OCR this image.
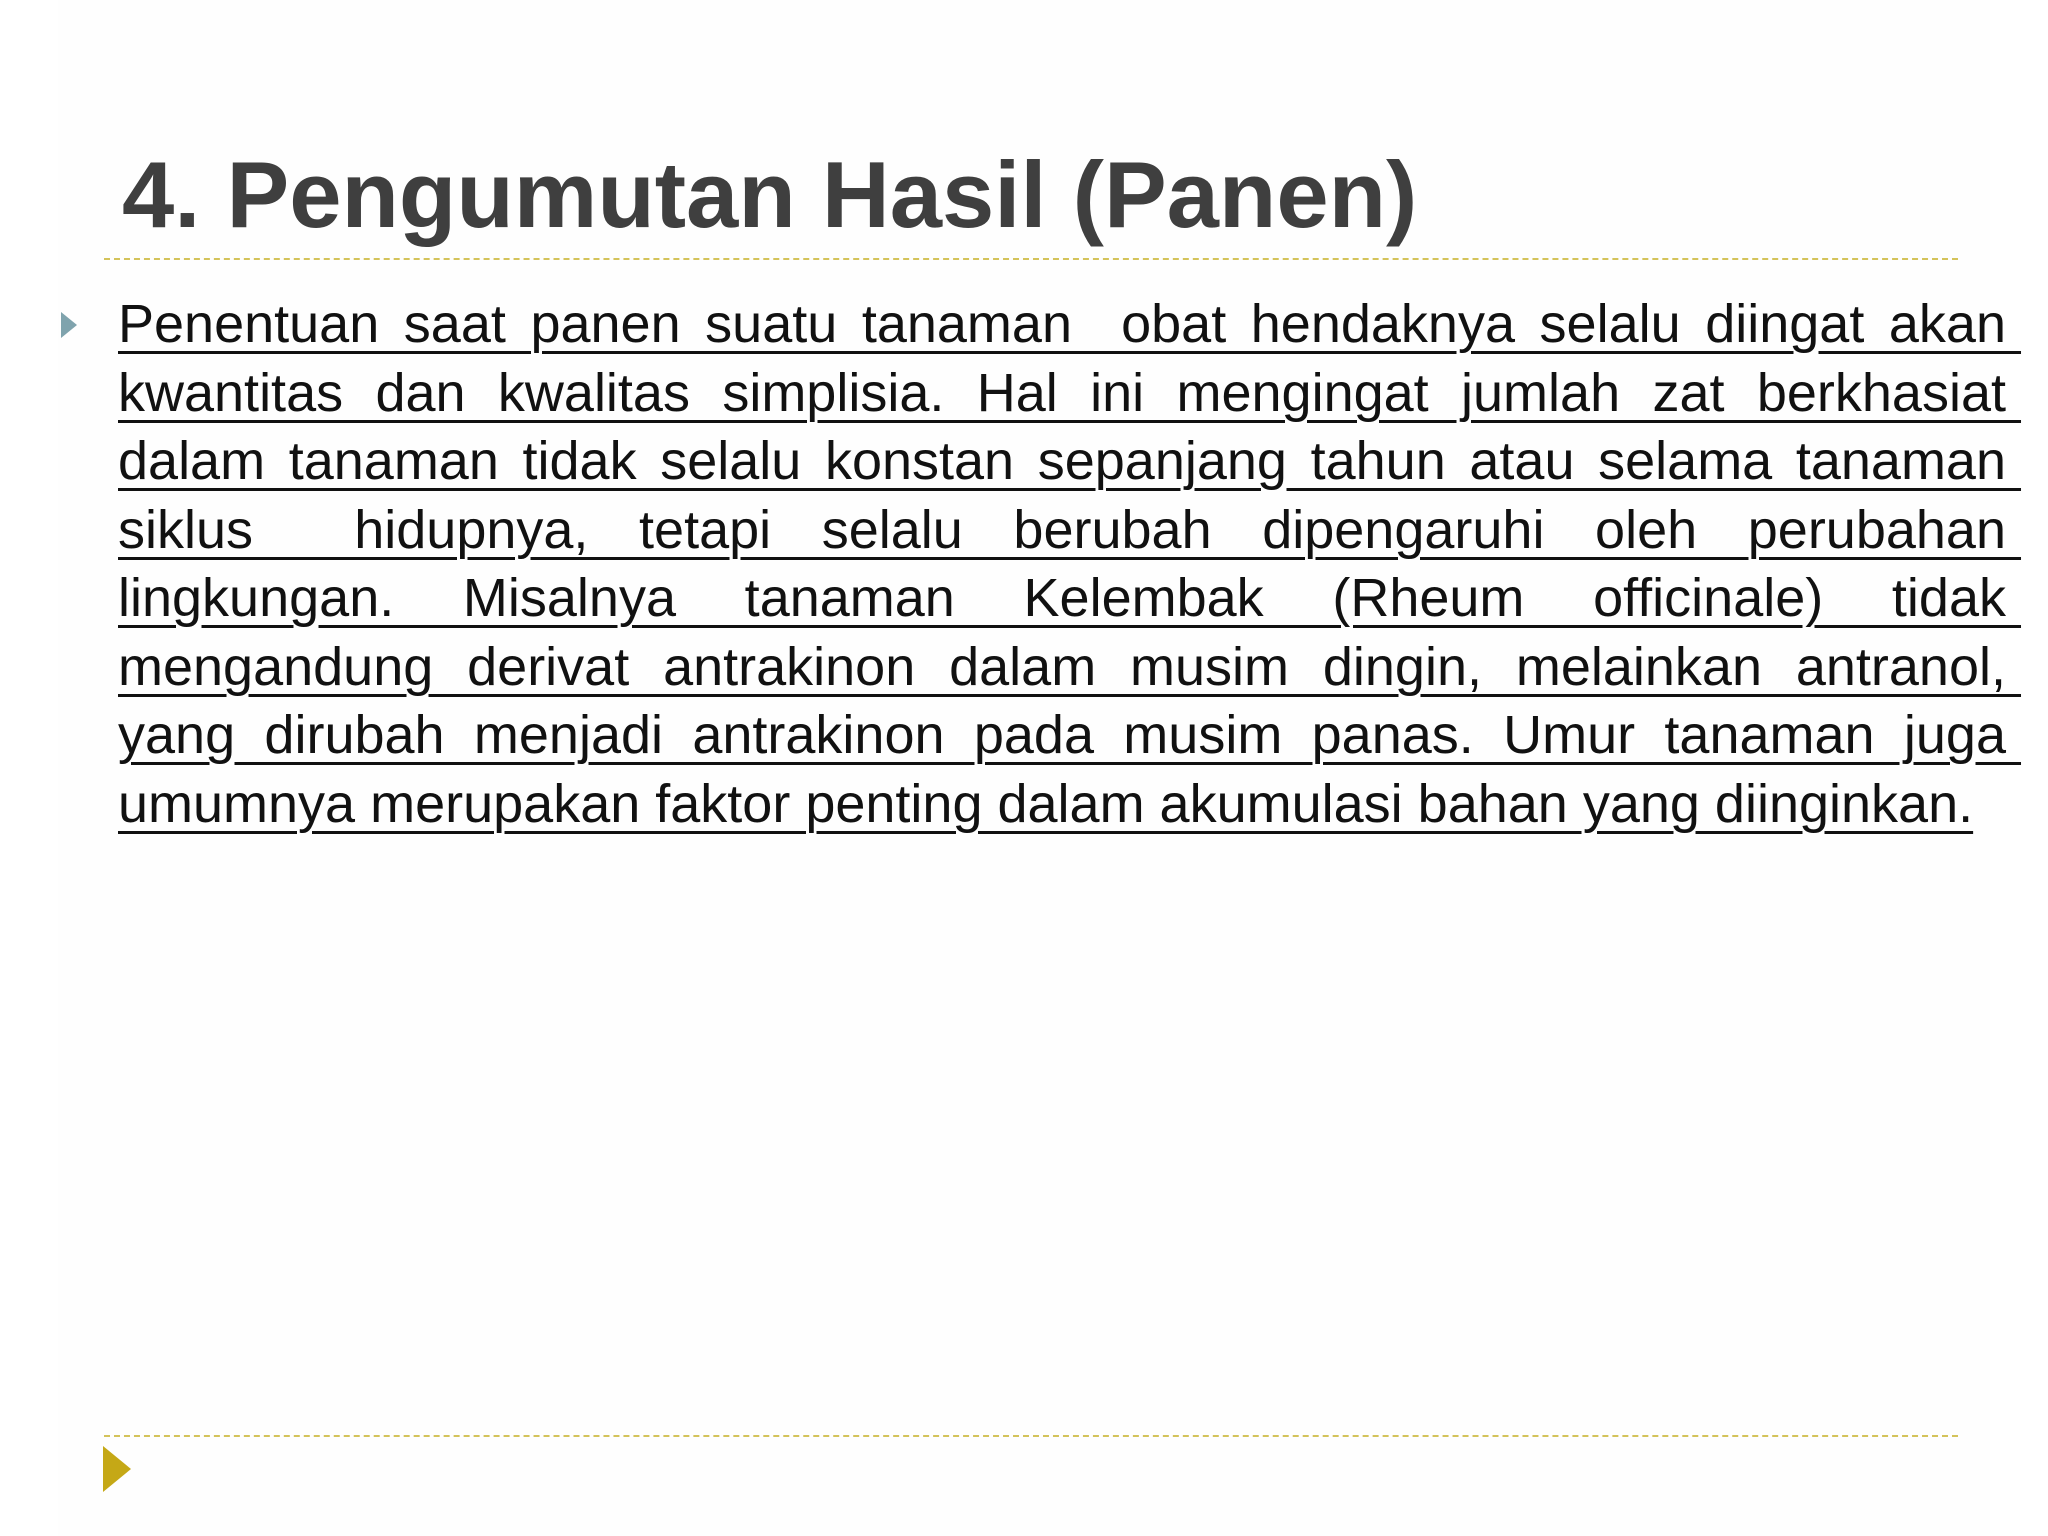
4. Pengumutan Hasil (Panen)

Penentuan saat panen suatu tanaman  obat hendaknya selalu diingat akan kwantitas dan kwalitas simplisia. Hal ini mengingat jumlah zat berkhasiat dalam tanaman tidak selalu konstan sepanjang tahun atau selama tanaman siklus  hidupnya, tetapi selalu berubah dipengaruhi oleh perubahan lingkungan. Misalnya tanaman Kelembak (Rheum officinale) tidak mengandung derivat antrakinon dalam musim dingin, melainkan antranol, yang dirubah menjadi antrakinon pada musim panas. Umur tanaman juga umumnya merupakan faktor penting dalam akumulasi bahan yang diinginkan.
